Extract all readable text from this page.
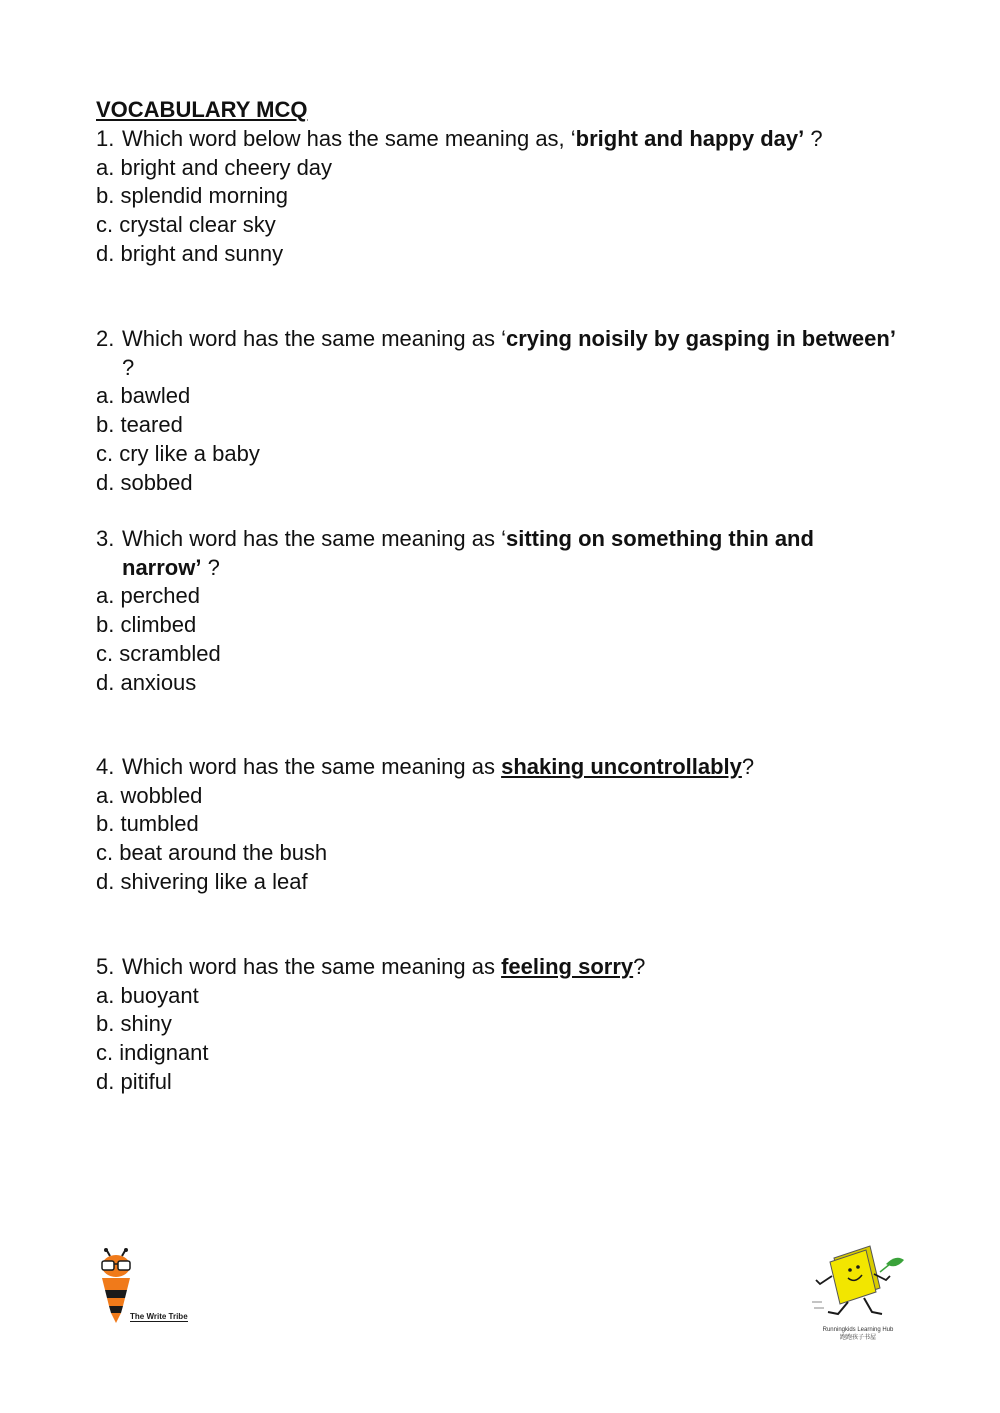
VOCABULARY MCQ
1. Which word below has the same meaning as, ‘bright and happy day’ ?
a. bright and cheery day
b. splendid morning
c. crystal clear sky
d. bright and sunny
2. Which word has the same meaning as ‘crying noisily by gasping in between’ ?
a. bawled
b. teared
c. cry like a baby
d. sobbed
3. Which word has the same meaning as ‘sitting on something thin and narrow’ ?
a. perched
b. climbed
c. scrambled
d. anxious
4. Which word has the same meaning as shaking uncontrollably?
a. wobbled
b. tumbled
c. beat around the bush
d. shivering like a leaf
5. Which word has the same meaning as feeling sorry?
a. buoyant
b. shiny
c. indignant
d. pitiful
The Write Tribe
Runningkids Learning Hub
跑跑孩子书屋
